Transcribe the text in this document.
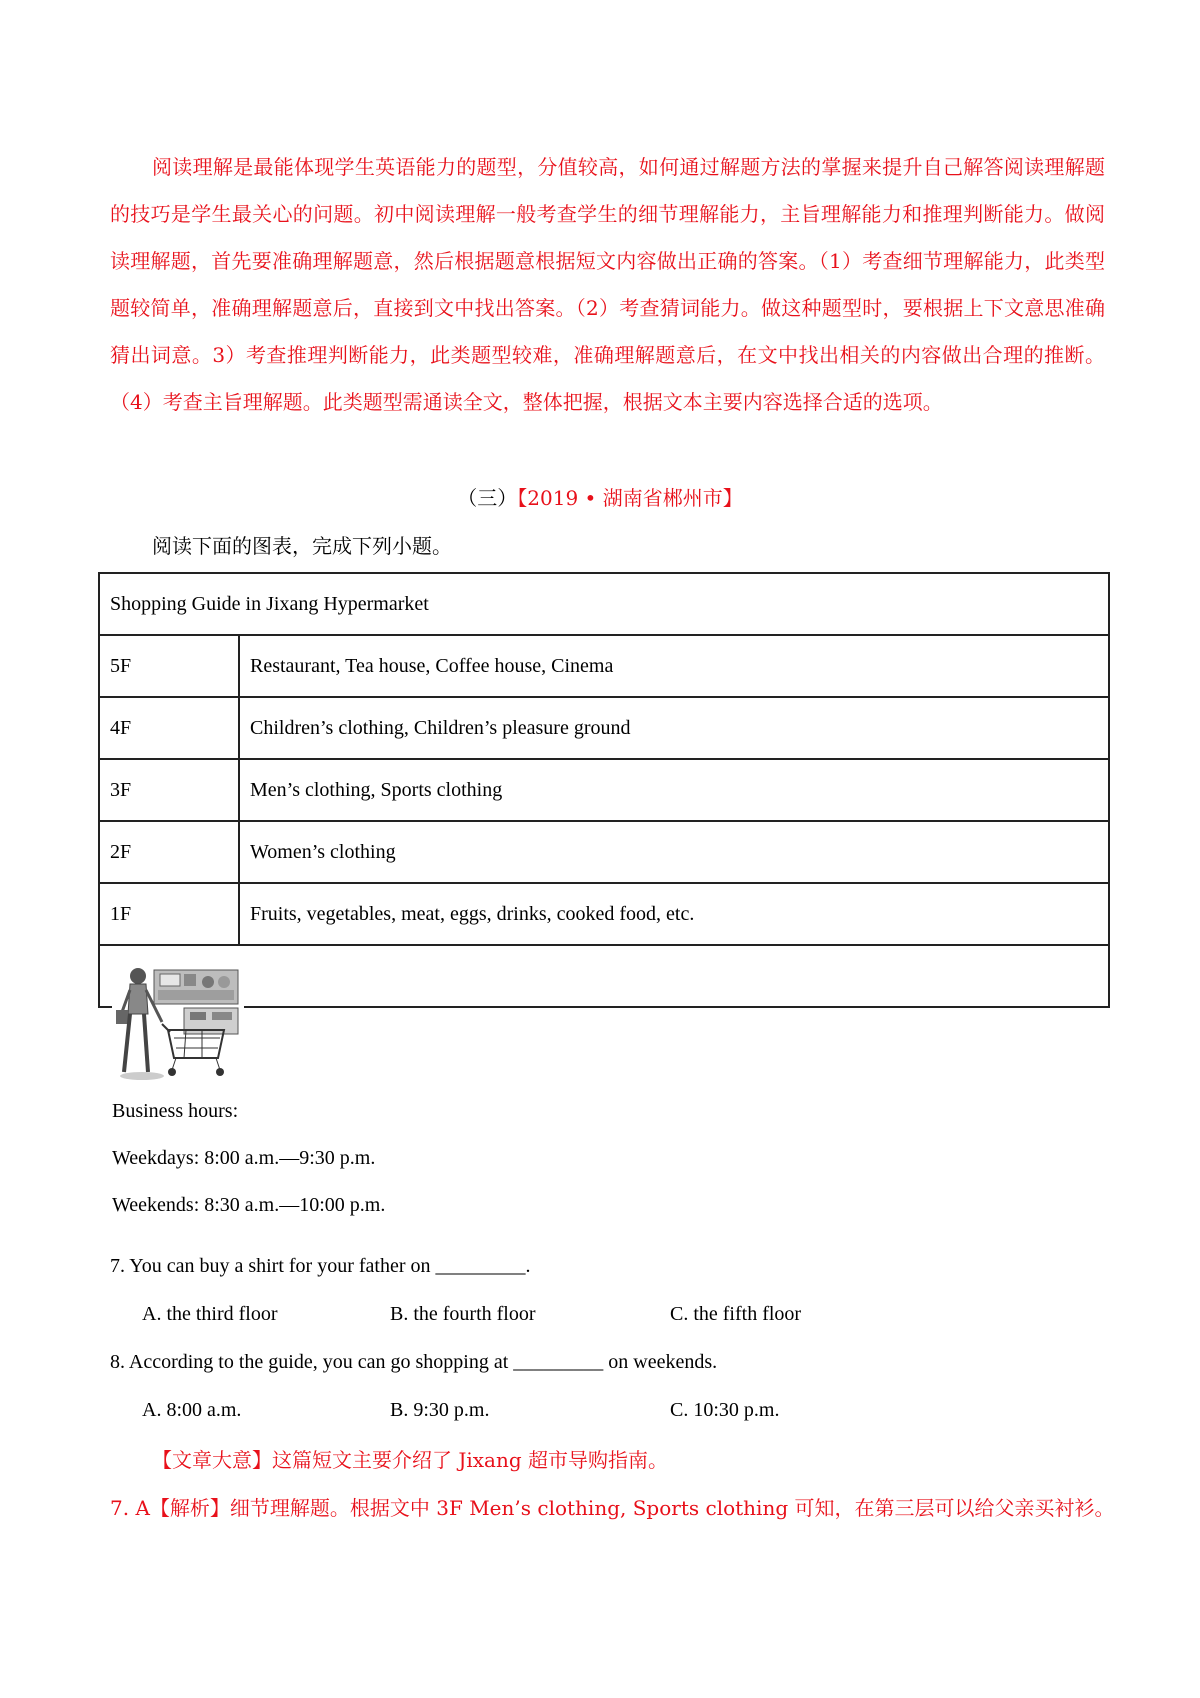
阅读理解是最能体现学生英语能力的题型，分值较高，如何通过解题方法的掌握来提升自己解答阅读理解题的技巧是学生最关心的问题。初中阅读理解一般考查学生的细节理解能力，主旨理解能力和推理判断能力。做阅读理解题，首先要准确理解题意，然后根据题意根据短文内容做出正确的答案。（1）考查细节理解能力，此类型题较简单，准确理解题意后，直接到文中找出答案。（2）考查猜词能力。做这种题型时，要根据上下文意思准确猜出词意。3）考查推理判断能力，此类题型较难，准确理解题意后，在文中找出相关的内容做出合理的推断。（4）考查主旨理解题。此类题型需通读全文，整体把握，根据文本主要内容选择合适的选项。

（三）【2019 • 湖南省郴州市】

阅读下面的图表，完成下列小题。

Shopping Guide in Jixang Hypermarket	
5F	Restaurant, Tea house, Coffee house, Cinema
4F	Children’s clothing, Children’s pleasure ground
3F	Men’s clothing, Sports clothing
2F	Women’s clothing
1F	Fruits, vegetables, meat, eggs, drinks, cooked food, etc.

Business hours:
Weekdays: 8:00 a.m.—9:30 p.m.
Weekends: 8:30 a.m.—10:00 p.m.	

7. You can buy a shirt for your father on _________.

A. the third floor	B. the fourth floor	C. the fifth floor

8. According to the guide, you can go shopping at _________ on weekends.

A. 8:00 a.m.	B. 9:30 p.m.	C. 10:30 p.m.
【文章大意】这篇短文主要介绍了 Jixang 超市导购指南。
7. A【解析】细节理解题。根据文中 3F Men’s clothing, Sports clothing 可知，在第三层可以给父亲买衬衫。
